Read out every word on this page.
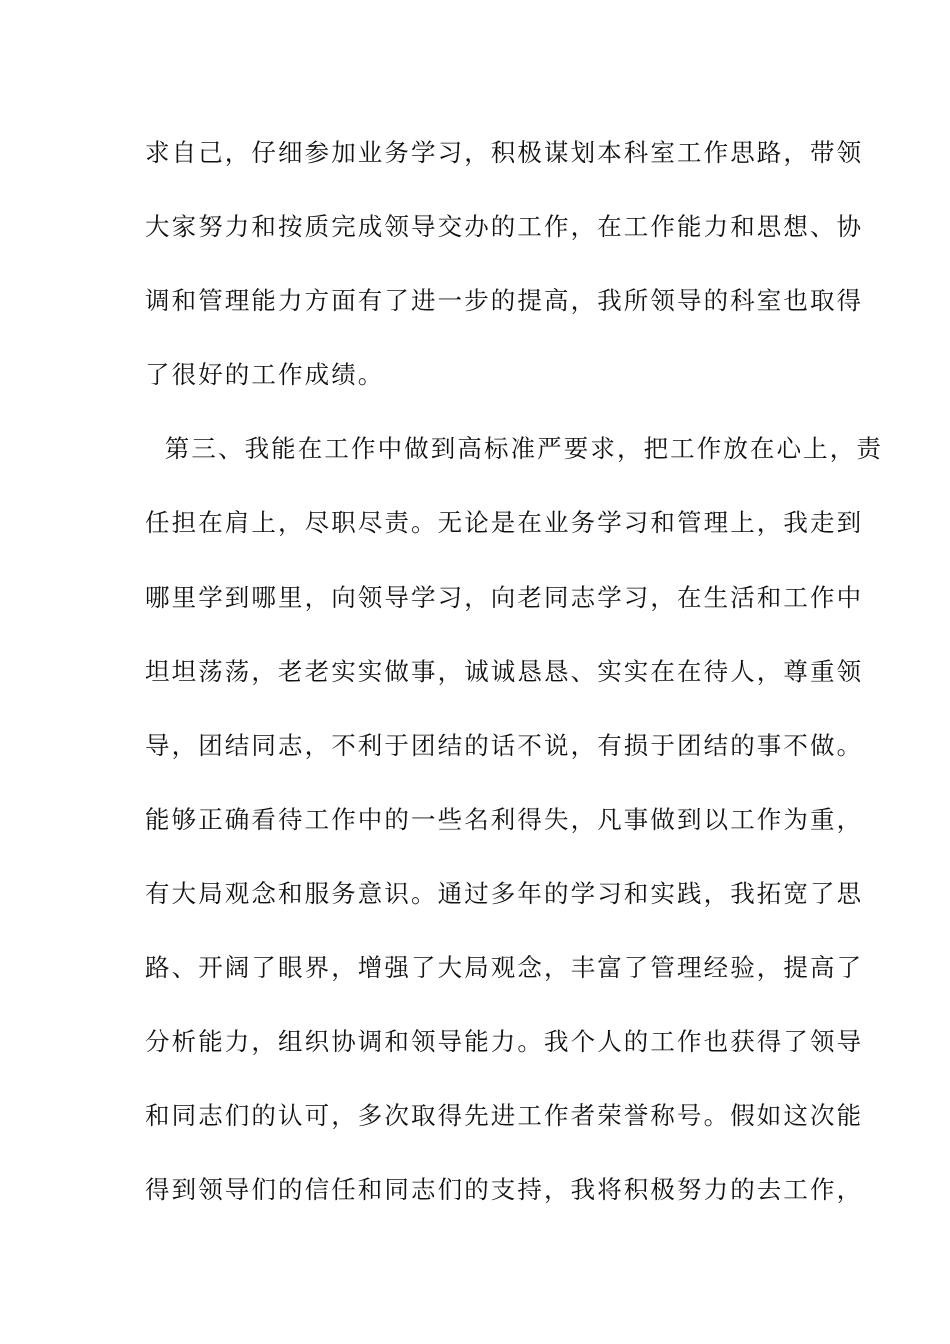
求自己，仔细参加业务学习，积极谋划本科室工作思路，带领
大家努力和按质完成领导交办的工作，在工作能力和思想、协
调和管理能力方面有了进一步的提高，我所领导的科室也取得
了很好的工作成绩。
第三、我能在工作中做到高标准严要求，把工作放在心上，责
任担在肩上，尽职尽责。无论是在业务学习和管理上，我走到
哪里学到哪里，向领导学习，向老同志学习，在生活和工作中
坦坦荡荡，老老实实做事，诚诚恳恳、实实在在待人，尊重领
导，团结同志，不利于团结的话不说，有损于团结的事不做。
能够正确看待工作中的一些名利得失，凡事做到以工作为重，
有大局观念和服务意识。通过多年的学习和实践，我拓宽了思
路、开阔了眼界，增强了大局观念，丰富了管理经验，提高了
分析能力，组织协调和领导能力。我个人的工作也获得了领导
和同志们的认可，多次取得先进工作者荣誉称号。假如这次能
得到领导们的信任和同志们的支持，我将积极努力的去工作，
